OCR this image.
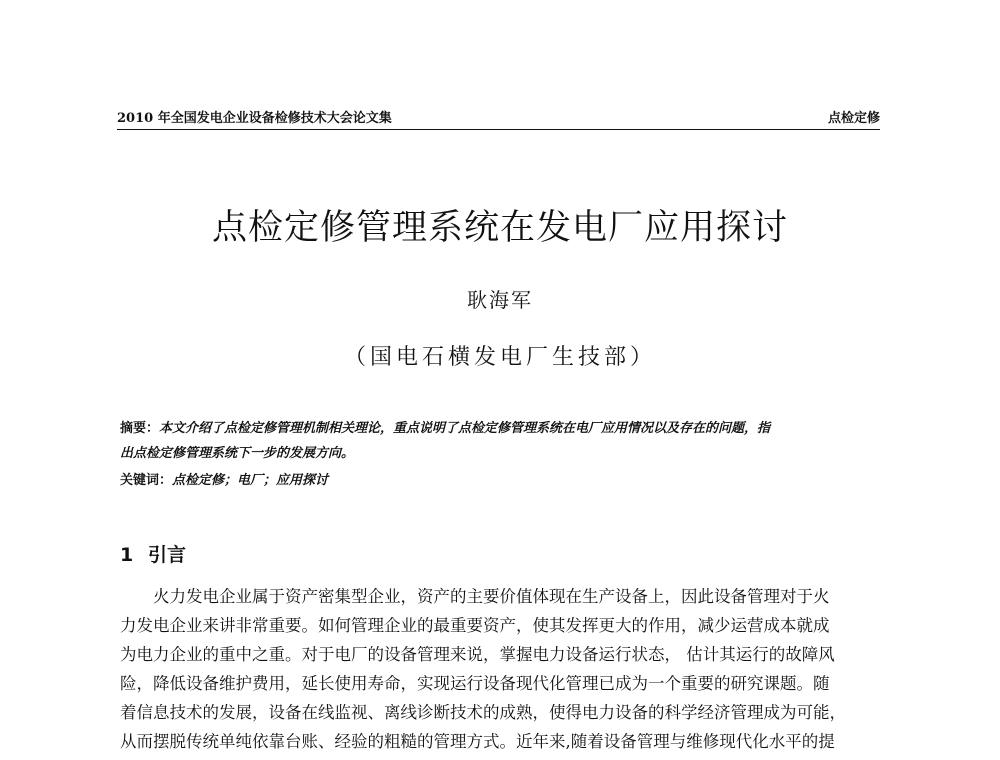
2010 年全国发电企业设备检修技术大会论文集	点检定修
点检定修管理系统在发电厂应用探讨
耿海军
（国电石横发电厂生技部）
摘要：本文介绍了点检定修管理机制相关理论，重点说明了点检定修管理系统在电厂应用情况以及存在的问题，指
出点检定修管理系统下一步的发展方向。
关键词：点检定修；电厂；应用探讨
1 引言
火力发电企业属于资产密集型企业，资产的主要价值体现在生产设备上，因此设备管理对于火
力发电企业来讲非常重要。如何管理企业的最重要资产，使其发挥更大的作用，减少运营成本就成
为电力企业的重中之重。对于电厂的设备管理来说，掌握电力设备运行状态， 估计其运行的故障风
险，降低设备维护费用，延长使用寿命，实现运行设备现代化管理已成为一个重要的研究课题。随
着信息技术的发展，设备在线监视、离线诊断技术的成熟，使得电力设备的科学经济管理成为可能，
从而摆脱传统单纯依靠台账、经验的粗糙的管理方式。近年来,随着设备管理与维修现代化水平的提
